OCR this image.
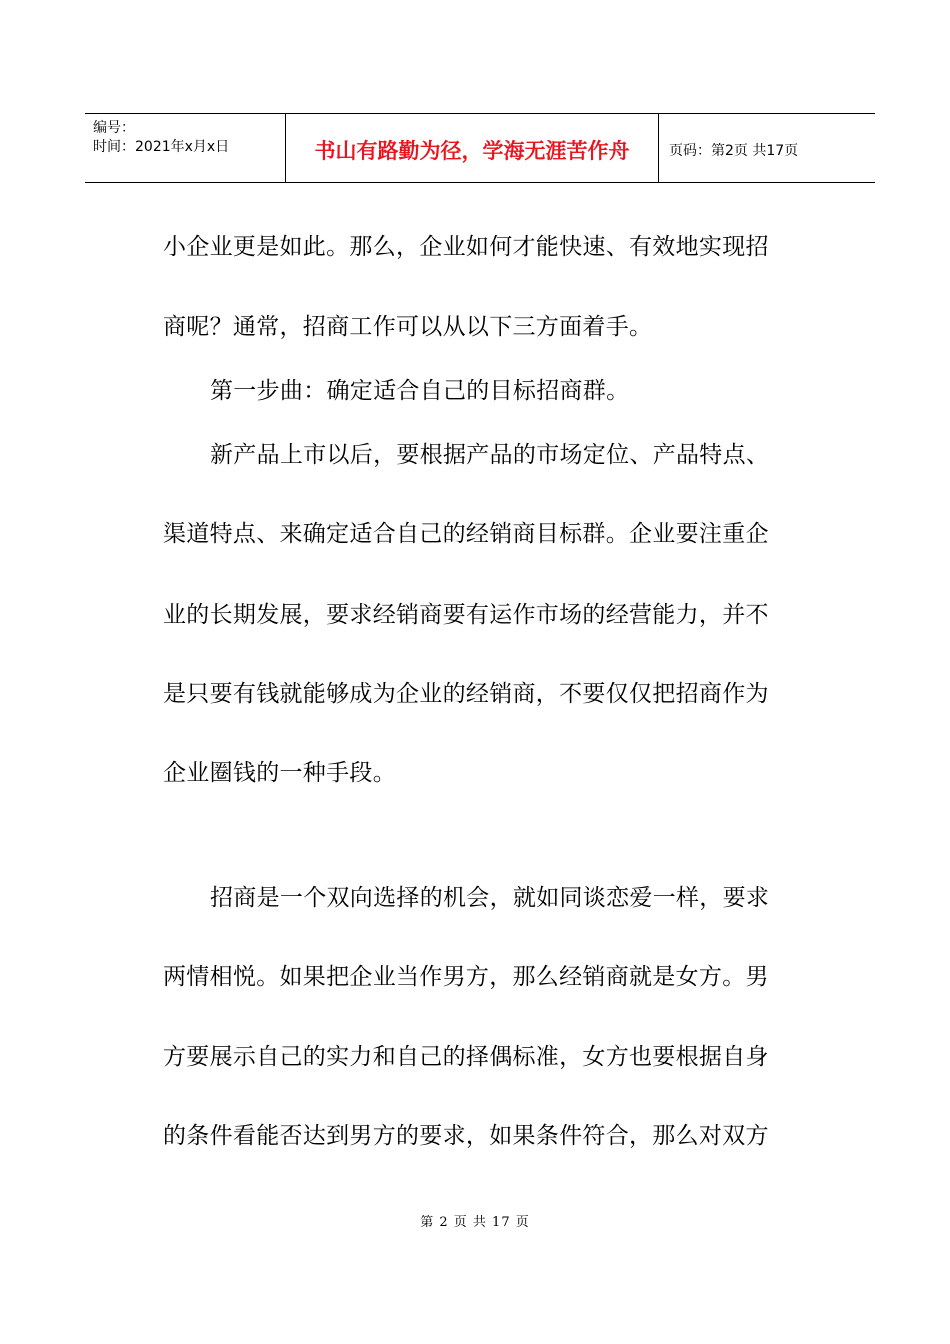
编号：
时间：2021年x月x日	书山有路勤为径，学海无涯苦作舟	页码：第2页 共17页
小企业更是如此。那么，企业如何才能快速、有效地实现招
商呢？通常，招商工作可以从以下三方面着手。
第一步曲：确定适合自己的目标招商群。
新产品上市以后，要根据产品的市场定位、产品特点、
渠道特点、来确定适合自己的经销商目标群。企业要注重企
业的长期发展，要求经销商要有运作市场的经营能力，并不
是只要有钱就能够成为企业的经销商，不要仅仅把招商作为
企业圈钱的一种手段。
招商是一个双向选择的机会，就如同谈恋爱一样，要求
两情相悦。如果把企业当作男方，那么经销商就是女方。男
方要展示自己的实力和自己的择偶标准，女方也要根据自身
的条件看能否达到男方的要求，如果条件符合，那么对双方
第 2 页 共 17 页
